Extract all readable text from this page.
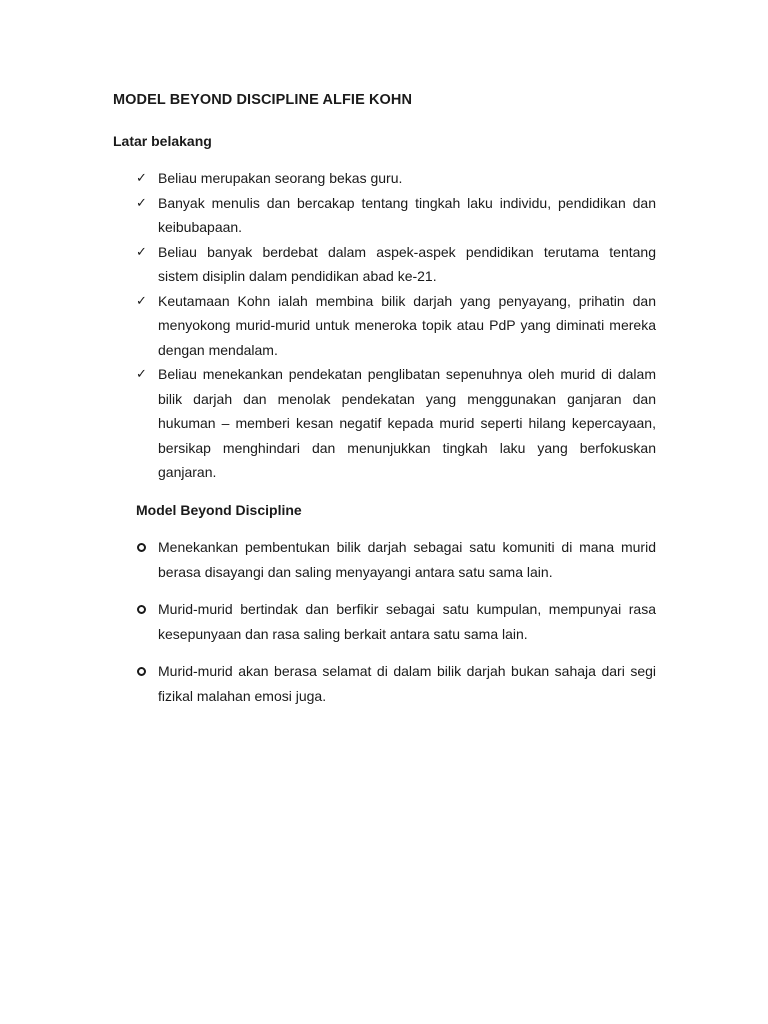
MODEL BEYOND DISCIPLINE ALFIE KOHN
Latar belakang
✓ Beliau merupakan seorang bekas guru.
✓ Banyak menulis dan bercakap tentang tingkah laku individu, pendidikan dan keibubapaan.
✓ Beliau banyak berdebat dalam aspek-aspek pendidikan terutama tentang sistem disiplin dalam pendidikan abad ke-21.
✓ Keutamaan Kohn ialah membina bilik darjah yang penyayang, prihatin dan menyokong murid-murid untuk meneroka topik atau PdP yang diminati mereka dengan mendalam.
✓ Beliau menekankan pendekatan penglibatan sepenuhnya oleh murid di dalam bilik darjah dan menolak pendekatan yang menggunakan ganjaran dan hukuman – memberi kesan negatif kepada murid seperti hilang kepercayaan, bersikap menghindari dan menunjukkan tingkah laku yang berfokuskan ganjaran.
Model Beyond Discipline
Menekankan pembentukan bilik darjah sebagai satu komuniti di mana murid berasa disayangi dan saling menyayangi antara satu sama lain.
Murid-murid bertindak dan berfikir sebagai satu kumpulan, mempunyai rasa kesepunyaan dan rasa saling berkait antara satu sama lain.
Murid-murid akan berasa selamat di dalam bilik darjah bukan sahaja dari segi fizikal malahan emosi juga.
